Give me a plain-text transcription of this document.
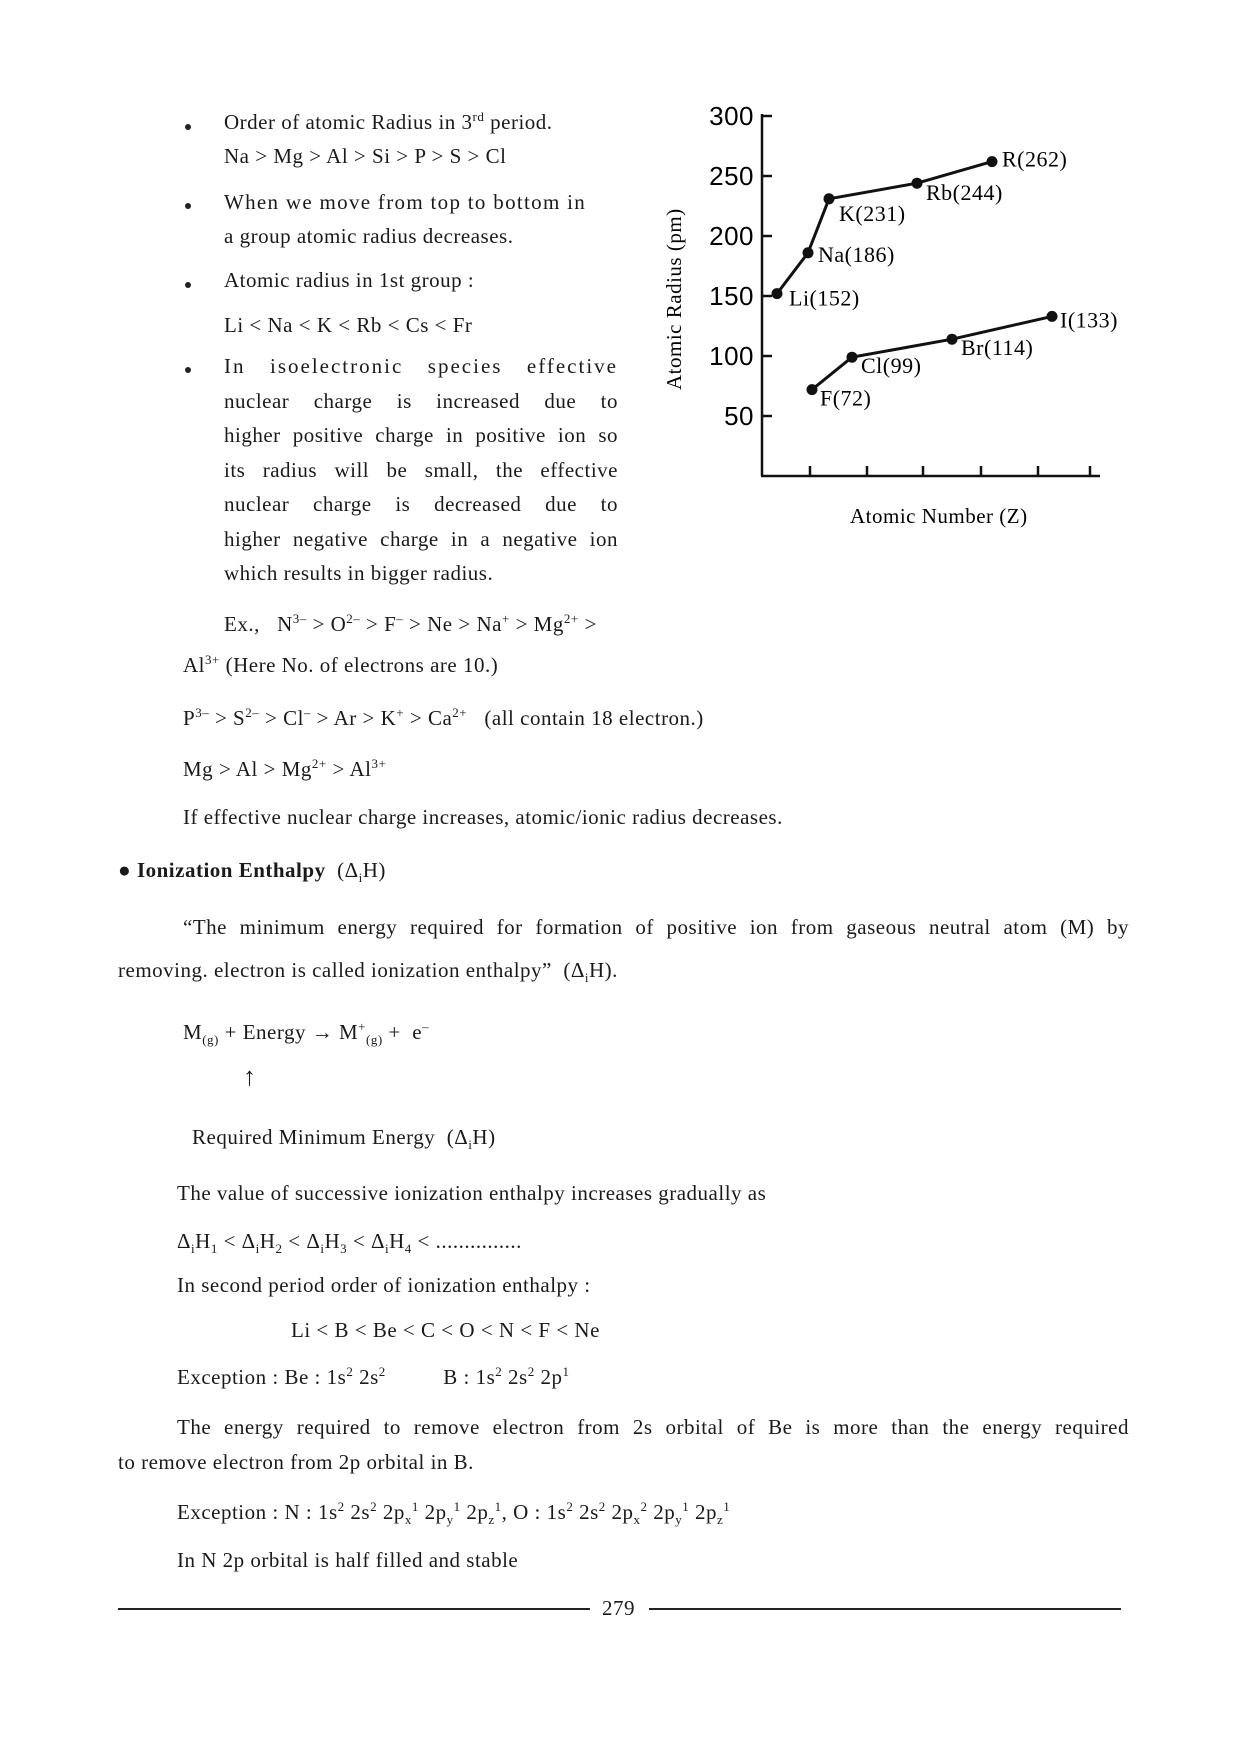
Order of atomic Radius in 3rd period.
Na > Mg > Al > Si > P > S > Cl
When we move from top to bottom in
a group atomic radius decreases.
Atomic radius in 1st group :
Li < Na < K < Rb < Cs < Fr
In isoelectronic species effective
nuclear charge is increased due to
higher positive charge in positive ion so
its radius will be small, the effective
nuclear charge is decreased due to
higher negative charge in a negative ion
which results in bigger radius.
Atomic Radius (pm)
50
100
150
200
250
300
Li(152)
Na(186)
K(231)
Rb(244)
R(262)
F(72)
Cl(99)
Br(114)
I(133)
Atomic Number (Z)
Ex., $N^{3-} > O^{2-} > F^- > Ne > Na^+ > Mg^{2+}$ >
$Al^{3+}$ (Here No. of electrons are 10.)
$P^{3-} > S^{2-} > Cl^- > Ar > K^+ > Ca^{2+}$ (all contain 18 electron.)
$Mg > Al > Mg^{2+} > Al^{3+}$
If effective nuclear charge increases, atomic/ionic radius decreases.
● Ionization Enthalpy  $(\Delta_iH)$
“The minimum energy required for formation of positive ion from gaseous neutral atom (M) by
removing. electron is called ionization enthalpy”  $(\Delta_iH)$.
$M_{(g)}$ + Energy → $M^+_{(g)} + e^-$
↑
Required Minimum Energy  $(\Delta_iH)$
The value of successive ionization enthalpy increases gradually as
$\Delta_iH_1 < \Delta_iH_2 < \Delta_iH_3 < \Delta_iH_4$ < ...............
In second period order of ionization enthalpy :
Li < B < Be < C < O < N < F < Ne
Exception : Be : $1s^2$ $2s^2$	B : $1s^2$ $2s^2$ $2p^1$
The energy required to remove electron from 2s orbital of Be is more than the energy required
to remove electron from 2p orbital in B.
Exception : N : $1s^2$ $2s^2$ $2p_x^1$ $2p_y^1$ $2p_z^1$, O : $1s^2$ $2s^2$ $2p_x^2$ $2p_y^1$ $2p_z^1$
In N 2p orbital is half filled and stable
279
